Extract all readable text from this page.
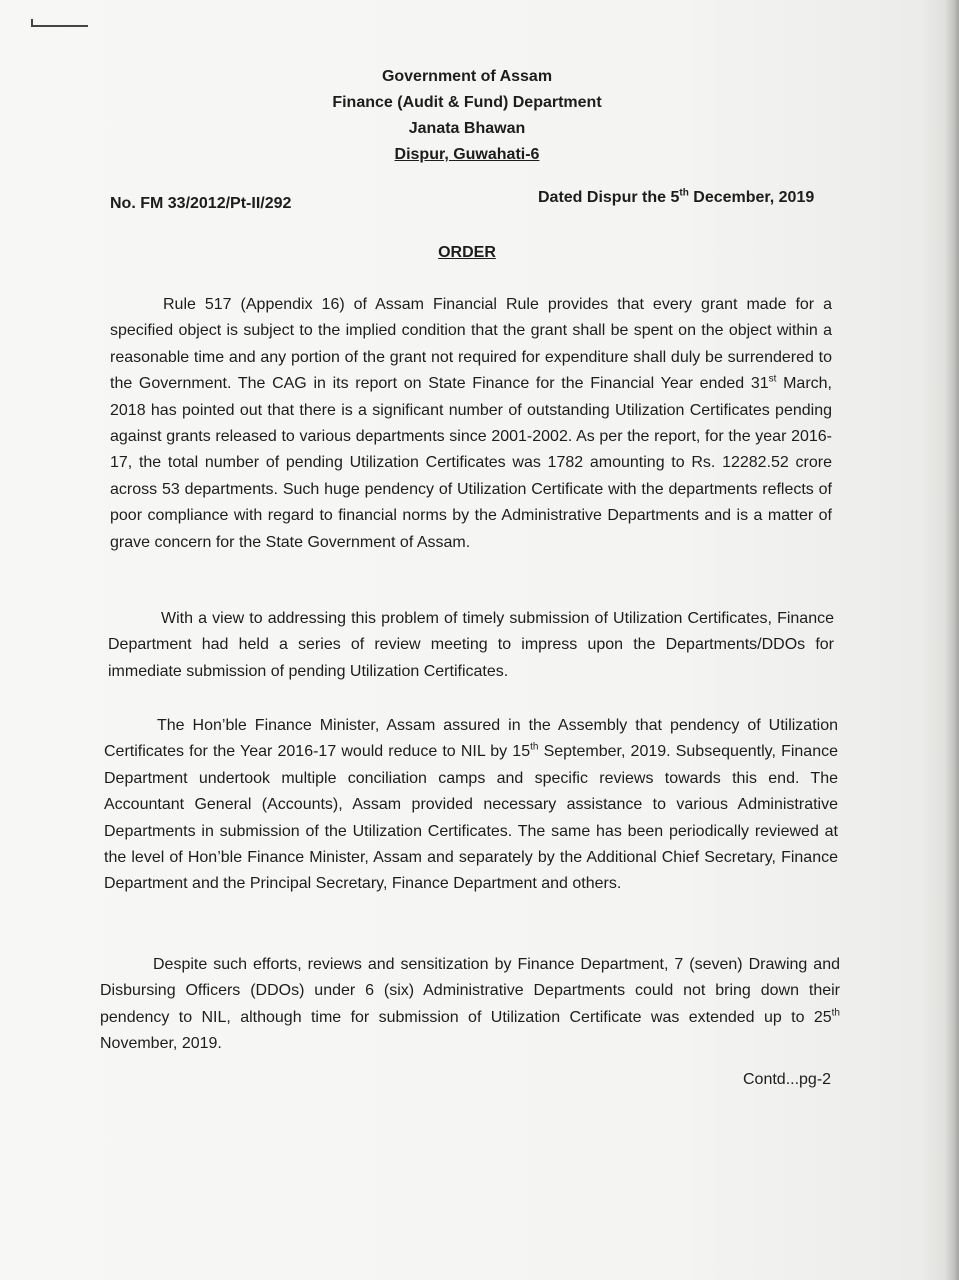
Government of Assam
Finance (Audit & Fund) Department
Janata Bhawan
Dispur, Guwahati-6
No. FM 33/2012/Pt-II/292	Dated Dispur the 5th December, 2019
ORDER
Rule 517 (Appendix 16) of Assam Financial Rule provides that every grant made for a specified object is subject to the implied condition that the grant shall be spent on the object within a reasonable time and any portion of the grant not required for expenditure shall duly be surrendered to the Government. The CAG in its report on State Finance for the Financial Year ended 31st March, 2018 has pointed out that there is a significant number of outstanding Utilization Certificates pending against grants released to various departments since 2001-2002. As per the report, for the year 2016-17, the total number of pending Utilization Certificates was 1782 amounting to Rs. 12282.52 crore across 53 departments. Such huge pendency of Utilization Certificate with the departments reflects of poor compliance with regard to financial norms by the Administrative Departments and is a matter of grave concern for the State Government of Assam.
With a view to addressing this problem of timely submission of Utilization Certificates, Finance Department had held a series of review meeting to impress upon the Departments/DDOs for immediate submission of pending Utilization Certificates.
The Hon’ble Finance Minister, Assam assured in the Assembly that pendency of Utilization Certificates for the Year 2016-17 would reduce to NIL by 15th September, 2019. Subsequently, Finance Department undertook multiple conciliation camps and specific reviews towards this end. The Accountant General (Accounts), Assam provided necessary assistance to various Administrative Departments in submission of the Utilization Certificates. The same has been periodically reviewed at the level of Hon’ble Finance Minister, Assam and separately by the Additional Chief Secretary, Finance Department and the Principal Secretary, Finance Department and others.
Despite such efforts, reviews and sensitization by Finance Department, 7 (seven) Drawing and Disbursing Officers (DDOs) under 6 (six) Administrative Departments could not bring down their pendency to NIL, although time for submission of Utilization Certificate was extended up to 25th November, 2019.
Contd...pg-2
